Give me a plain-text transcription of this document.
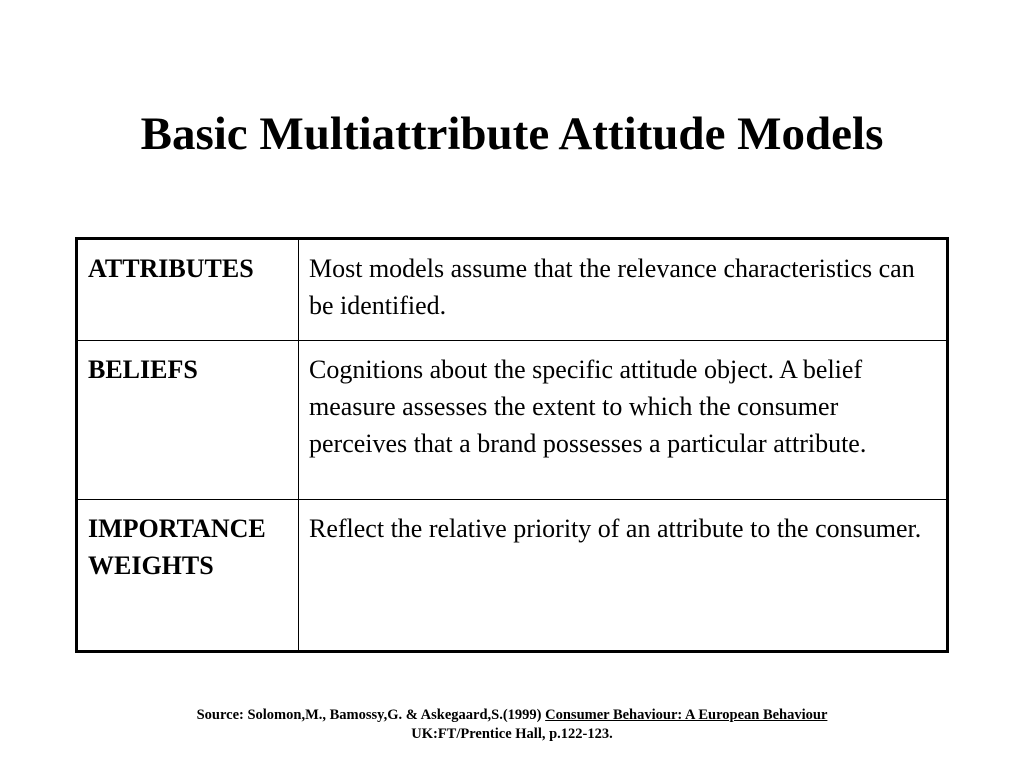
Basic Multiattribute Attitude Models
ATTRIBUTES	Most models assume that the relevance characteristics can be identified.
BELIEFS	Cognitions about the specific attitude object. A belief measure assesses the extent to which the consumer perceives that a brand possesses a particular attribute.
IMPORTANCE WEIGHTS	Reflect the relative priority of an attribute to the consumer.
Source: Solomon,M., Bamossy,G. & Askegaard,S.(1999) Consumer Behaviour: A European Behaviour
UK:FT/Prentice Hall, p.122-123.
